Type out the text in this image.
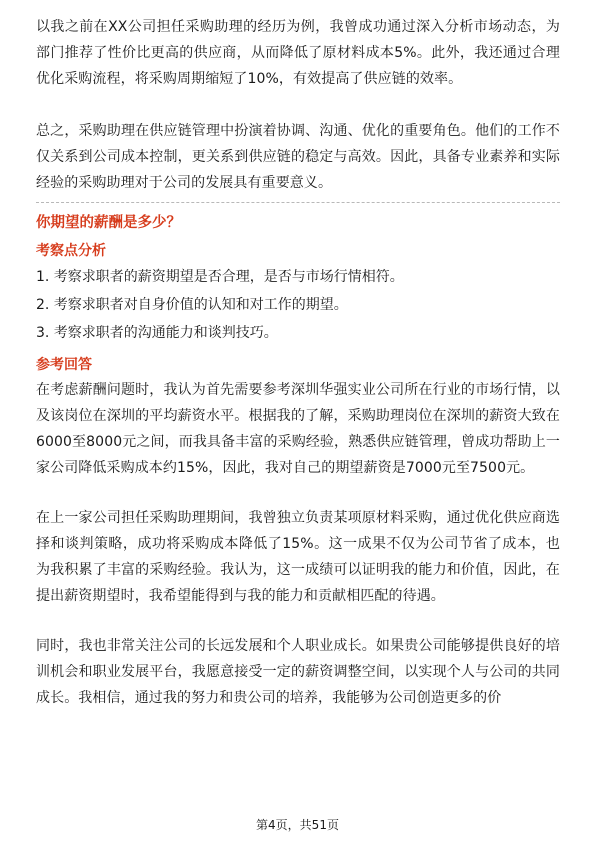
以我之前在XX公司担任采购助理的经历为例，我曾成功通过深入分析市场动态，为部门推荐了性价比更高的供应商，从而降低了原材料成本5%。此外，我还通过合理优化采购流程，将采购周期缩短了10%，有效提高了供应链的效率。

总之，采购助理在供应链管理中扮演着协调、沟通、优化的重要角色。他们的工作不仅关系到公司成本控制，更关系到供应链的稳定与高效。因此，具备专业素养和实际经验的采购助理对于公司的发展具有重要意义。

你期望的薪酬是多少？

考察点分析

1. 考察求职者的薪资期望是否合理，是否与市场行情相符。

2. 考察求职者对自身价值的认知和对工作的期望。

3. 考察求职者的沟通能力和谈判技巧。

参考回答

在考虑薪酬问题时，我认为首先需要参考深圳华强实业公司所在行业的市场行情，以及该岗位在深圳的平均薪资水平。根据我的了解，采购助理岗位在深圳的薪资大致在6000至8000元之间，而我具备丰富的采购经验，熟悉供应链管理，曾成功帮助上一家公司降低采购成本约15%，因此，我对自己的期望薪资是7000元至7500元。

在上一家公司担任采购助理期间，我曾独立负责某项原材料采购，通过优化供应商选择和谈判策略，成功将采购成本降低了15%。这一成果不仅为公司节省了成本，也为我积累了丰富的采购经验。我认为，这一成绩可以证明我的能力和价值，因此，在提出薪资期望时，我希望能得到与我的能力和贡献相匹配的待遇。

同时，我也非常关注公司的长远发展和个人职业成长。如果贵公司能够提供良好的培训机会和职业发展平台，我愿意接受一定的薪资调整空间，以实现个人与公司的共同成长。我相信，通过我的努力和贵公司的培养，我能够为公司创造更多的价

第4页，共51页
